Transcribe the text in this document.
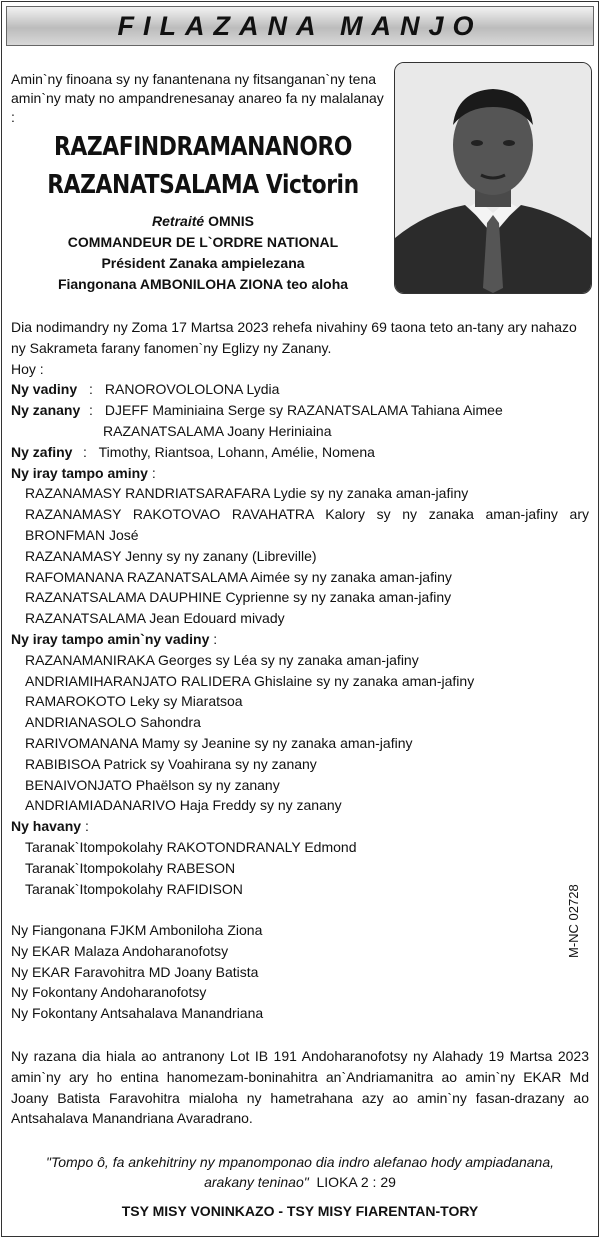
FILAZANA MANJO
Amin`ny finoana sy ny fanantenana ny fitsanganan`ny tena
amin`ny maty no ampandrenesanay anareo fa ny malalanay :
RAZAFINDRAMANANORO
RAZANATSALAMA Victorin
Retraité OMNIS
COMMANDEUR DE L`ORDRE NATIONAL
Président Zanaka ampielezana
Fiangonana AMBONILOHA ZIONA teo aloha
Dia nodimandry ny Zoma 17 Martsa 2023 rehefa nivahiny 69 taona teto an-tany ary nahazo
ny Sakrameta farany fanomen`ny Eglizy ny Zanany.
Hoy :
Ny vadiny : RANOROVOLOLONA Lydia
Ny zanany : DJEFF Maminiaina Serge sy RAZANATSALAMA Tahiana Aimee
RAZANATSALAMA Joany Heriniaina
Ny zafiny : Timothy, Riantsoa, Lohann, Amélie, Nomena
Ny iray tampo aminy :
RAZANAMASY RANDRIATSARAFARA Lydie sy ny zanaka aman-jafiny
RAZANAMASY RAKOTOVAO RAVAHATRA Kalory sy ny zanaka aman-jafiny ary
BRONFMAN José
RAZANAMASY Jenny sy ny zanany (Libreville)
RAFOMANANA RAZANATSALAMA Aimée sy ny zanaka aman-jafiny
RAZANATSALAMA DAUPHINE Cyprienne sy ny zanaka aman-jafiny
RAZANATSALAMA Jean Edouard mivady
Ny iray tampo amin`ny vadiny :
RAZANAMANIRAKA Georges sy Léa sy ny zanaka aman-jafiny
ANDRIAMIHARANJATO RALIDERA Ghislaine sy ny zanaka aman-jafiny
RAMAROKOTO Leky sy Miaratsoa
ANDRIANASOLO Sahondra
RARIVOMANANA Mamy sy Jeanine sy ny zanaka aman-jafiny
RABIBISOA Patrick sy Voahirana sy ny zanany
BENAIVONJATO Phaëlson sy ny zanany
ANDRIAMIADANARIVO Haja Freddy sy ny zanany
Ny havany :
Taranak`Itompokolahy RAKOTONDRANALY Edmond
Taranak`Itompokolahy RABESON
Taranak`Itompokolahy RAFIDISON
Ny Fiangonana FJKM Amboniloha Ziona
Ny EKAR Malaza Andoharanofotsy
Ny EKAR Faravohitra MD Joany Batista
Ny Fokontany Andoharanofotsy
Ny Fokontany Antsahalava Manandriana
M-NC 02728
Ny razana dia hiala ao antranony Lot IB 191 Andoharanofotsy ny Alahady 19 Martsa 2023 amin`ny ary ho entina hanomezam-boninahitra an`Andriamanitra ao amin`ny EKAR Md Joany Batista Faravohitra mialoha ny hametrahana azy ao amin`ny fasan-drazany ao Antsahalava Manandriana Avaradrano.
"Tompo ô, fa ankehitriny ny mpanomponao dia indro alefanao hody ampiadanana,
arakany teninao" LIOKA 2 : 29
TSY MISY VONINKAZO - TSY MISY FIARENTAN-TORY
